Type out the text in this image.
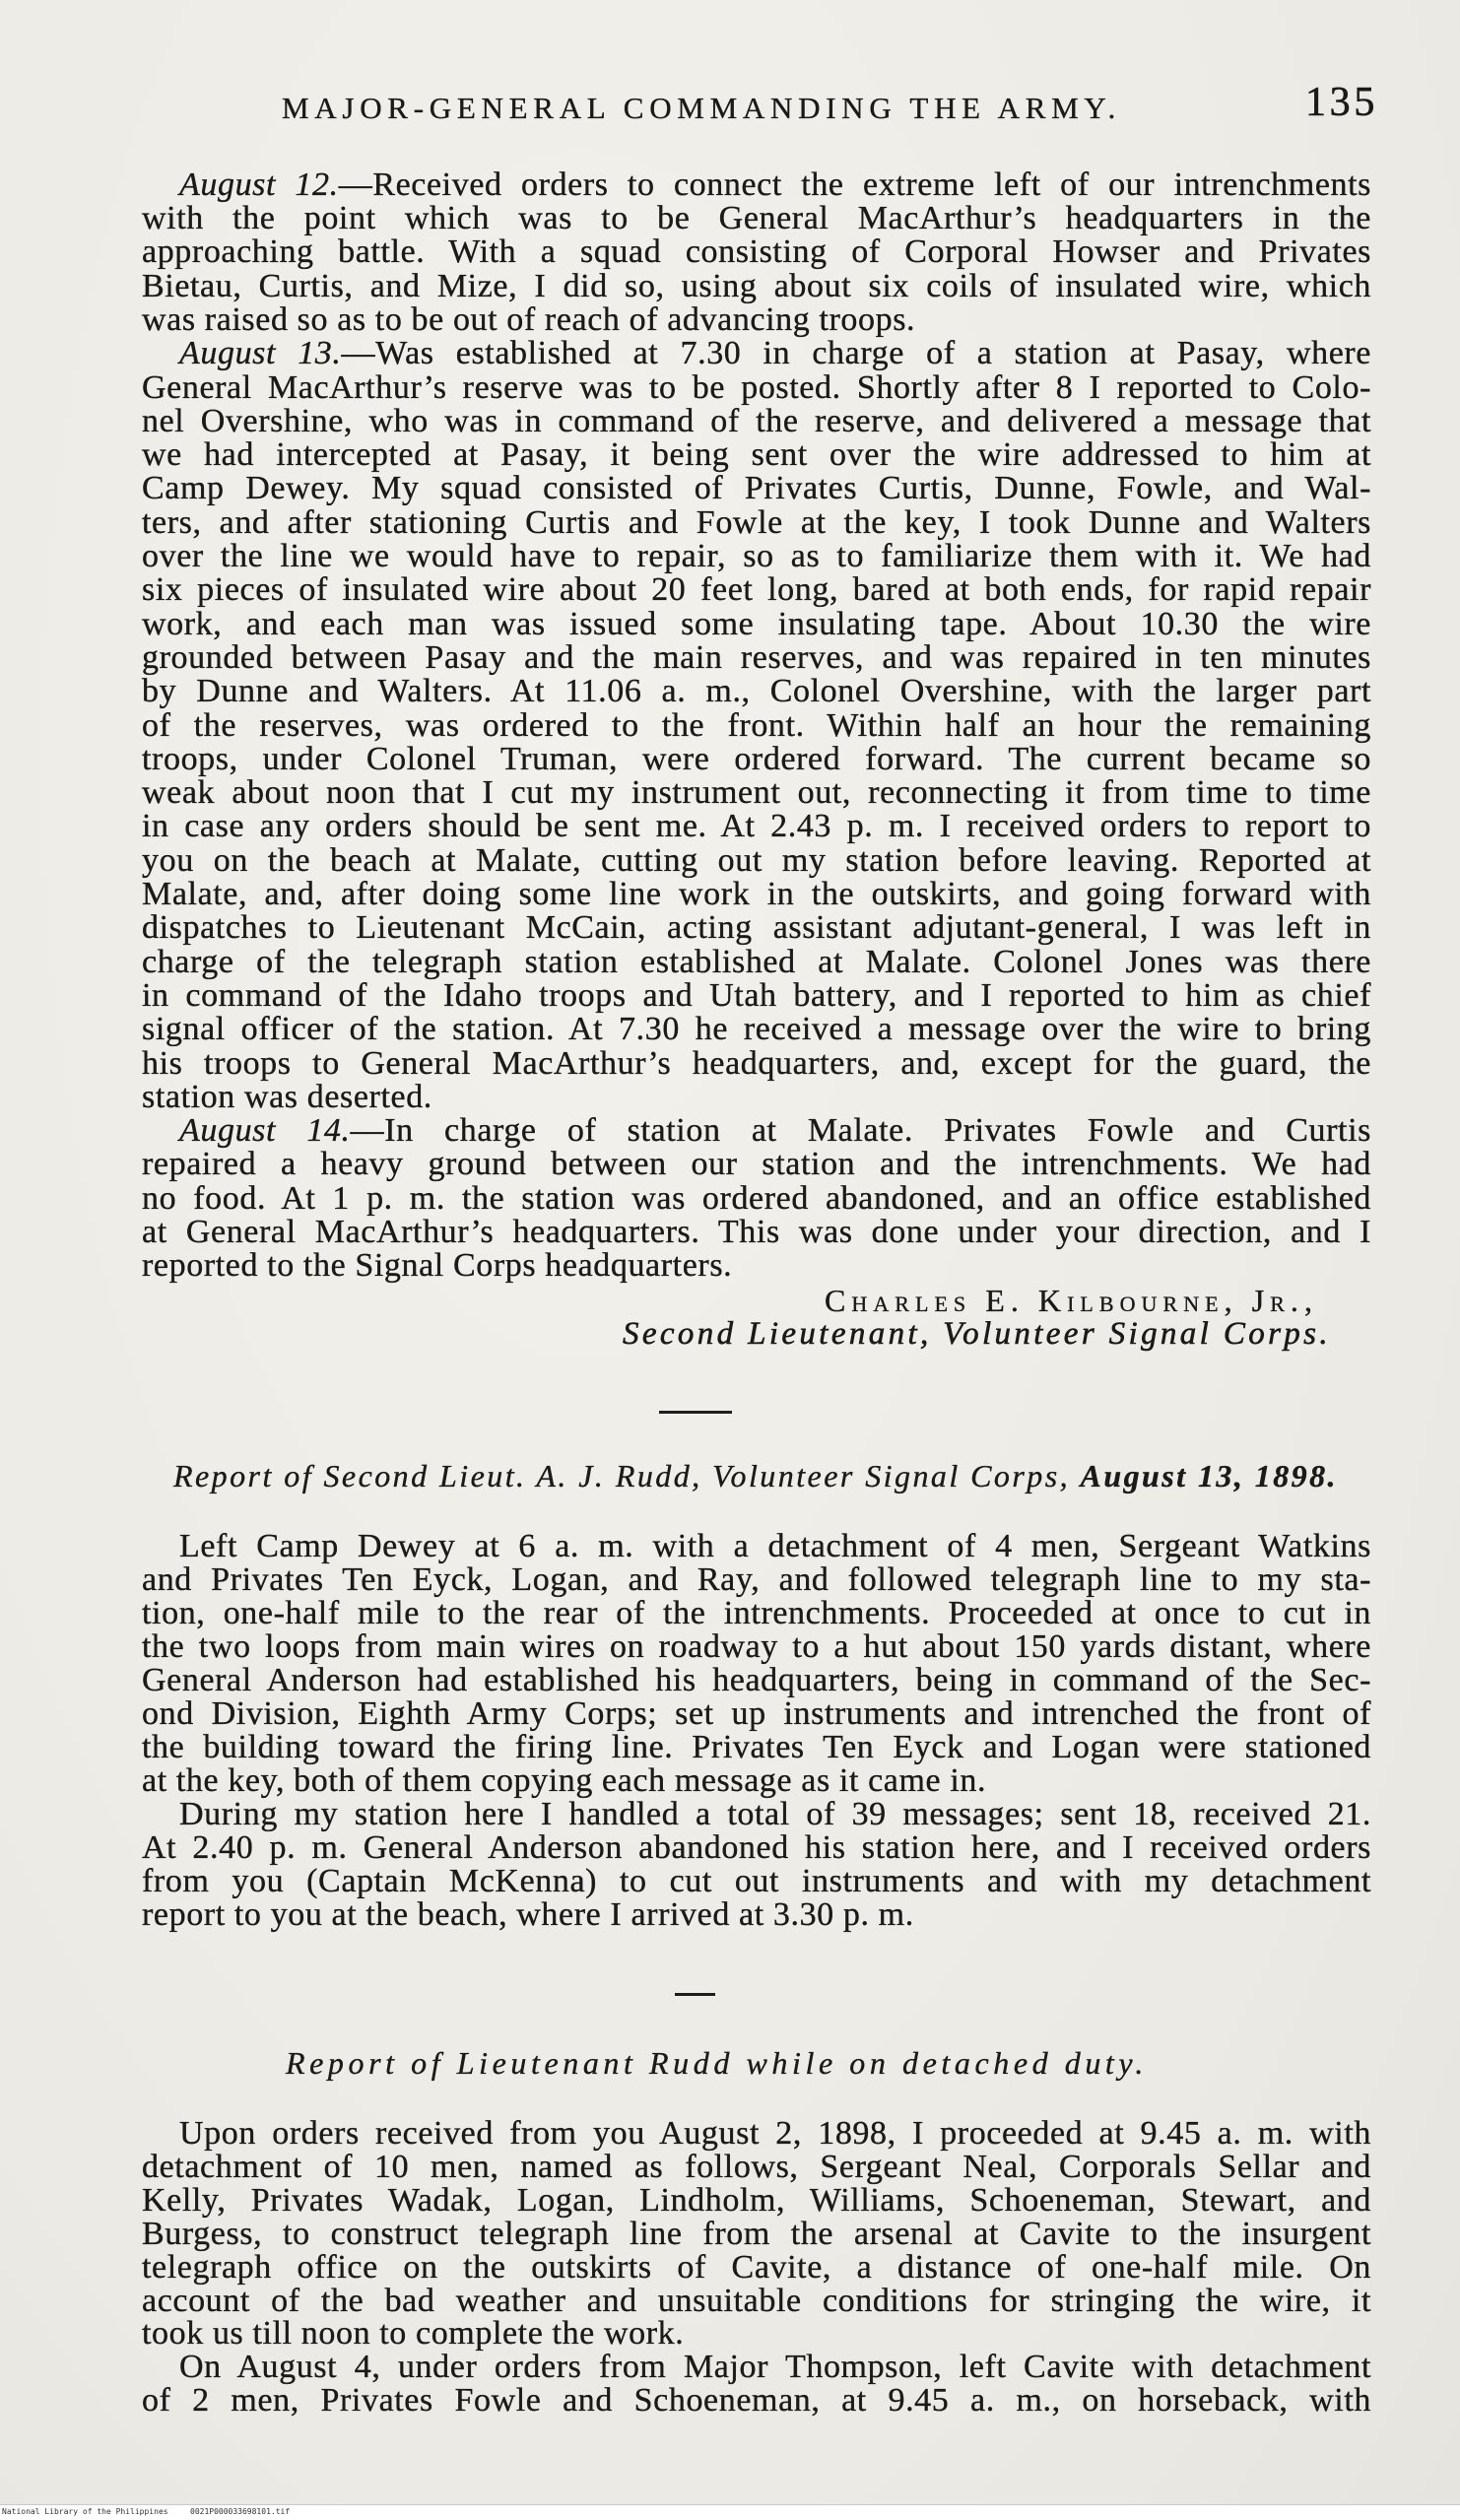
MAJOR-GENERAL COMMANDING THE ARMY.	135
August 12.—Received orders to connect the extreme left of our intrenchments
with the point which was to be General MacArthur’s headquarters in the
approaching battle. With a squad consisting of Corporal Howser and Privates
Bietau, Curtis, and Mize, I did so, using about six coils of insulated wire, which
was raised so as to be out of reach of advancing troops.
August 13.—Was established at 7.30 in charge of a station at Pasay, where
General MacArthur’s reserve was to be posted. Shortly after 8 I reported to Colo-
nel Overshine, who was in command of the reserve, and delivered a message that
we had intercepted at Pasay, it being sent over the wire addressed to him at
Camp Dewey. My squad consisted of Privates Curtis, Dunne, Fowle, and Wal-
ters, and after stationing Curtis and Fowle at the key, I took Dunne and Walters
over the line we would have to repair, so as to familiarize them with it. We had
six pieces of insulated wire about 20 feet long, bared at both ends, for rapid repair
work, and each man was issued some insulating tape. About 10.30 the wire
grounded between Pasay and the main reserves, and was repaired in ten minutes
by Dunne and Walters. At 11.06 a. m., Colonel Overshine, with the larger part
of the reserves, was ordered to the front. Within half an hour the remaining
troops, under Colonel Truman, were ordered forward. The current became so
weak about noon that I cut my instrument out, reconnecting it from time to time
in case any orders should be sent me. At 2.43 p. m. I received orders to report to
you on the beach at Malate, cutting out my station before leaving. Reported at
Malate, and, after doing some line work in the outskirts, and going forward with
dispatches to Lieutenant McCain, acting assistant adjutant-general, I was left in
charge of the telegraph station established at Malate. Colonel Jones was there
in command of the Idaho troops and Utah battery, and I reported to him as chief
signal officer of the station. At 7.30 he received a message over the wire to bring
his troops to General MacArthur’s headquarters, and, except for the guard, the
station was deserted.
August 14.—In charge of station at Malate. Privates Fowle and Curtis
repaired a heavy ground between our station and the intrenchments. We had
no food. At 1 p. m. the station was ordered abandoned, and an office established
at General MacArthur’s headquarters. This was done under your direction, and I
reported to the Signal Corps headquarters.
Charles E. Kilbourne, Jr.,
Second Lieutenant, Volunteer Signal Corps.
Report of Second Lieut. A. J. Rudd, Volunteer Signal Corps, August 13, 1898.
Left Camp Dewey at 6 a. m. with a detachment of 4 men, Sergeant Watkins
and Privates Ten Eyck, Logan, and Ray, and followed telegraph line to my sta-
tion, one-half mile to the rear of the intrenchments. Proceeded at once to cut in
the two loops from main wires on roadway to a hut about 150 yards distant, where
General Anderson had established his headquarters, being in command of the Sec-
ond Division, Eighth Army Corps; set up instruments and intrenched the front of
the building toward the firing line. Privates Ten Eyck and Logan were stationed
at the key, both of them copying each message as it came in.
During my station here I handled a total of 39 messages; sent 18, received 21.
At 2.40 p. m. General Anderson abandoned his station here, and I received orders
from you (Captain McKenna) to cut out instruments and with my detachment
report to you at the beach, where I arrived at 3.30 p. m.
Report of Lieutenant Rudd while on detached duty.
Upon orders received from you August 2, 1898, I proceeded at 9.45 a. m. with
detachment of 10 men, named as follows, Sergeant Neal, Corporals Sellar and
Kelly, Privates Wadak, Logan, Lindholm, Williams, Schoeneman, Stewart, and
Burgess, to construct telegraph line from the arsenal at Cavite to the insurgent
telegraph office on the outskirts of Cavite, a distance of one-half mile. On
account of the bad weather and unsuitable conditions for stringing the wire, it
took us till noon to complete the work.
On August 4, under orders from Major Thompson, left Cavite with detachment
of 2 men, Privates Fowle and Schoeneman, at 9.45 a. m., on horseback, with
National Library of the Philippines	0021P000033698101.tif
